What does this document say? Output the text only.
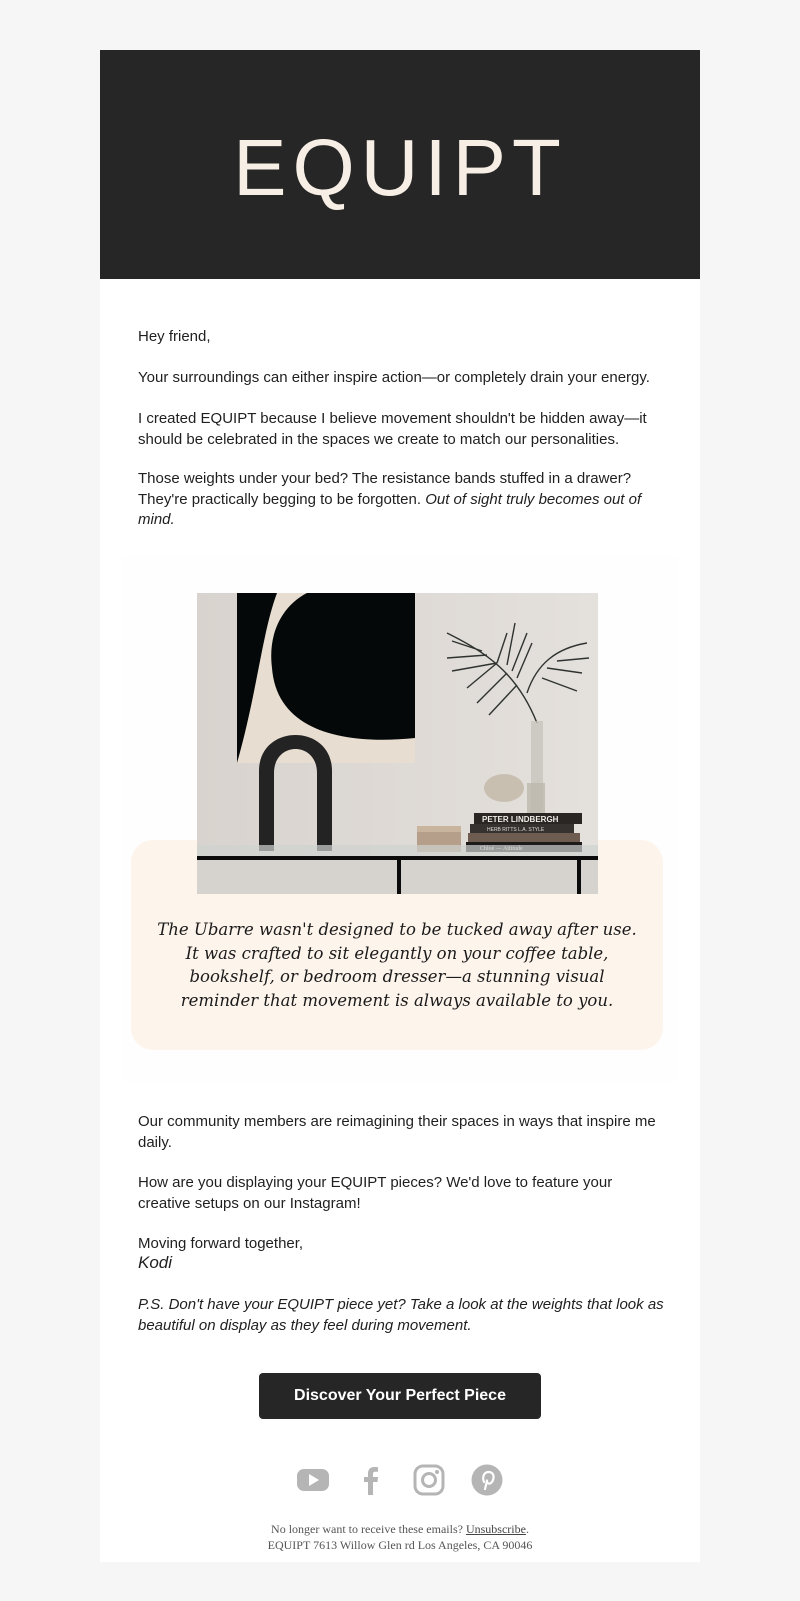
EQUIPT
Hey friend,
Your surroundings can either inspire action—or completely drain your energy.
I created EQUIPT because I believe movement shouldn't be hidden away—it should be celebrated in the spaces we create to match our personalities.
Those weights under your bed? The resistance bands stuffed in a drawer? They're practically begging to be forgotten. Out of sight truly becomes out of mind.
PETER LINDBERGH
HERB RITTS L.A. STYLE
The Ubarre wasn't designed to be tucked away after use. It was crafted to sit elegantly on your coffee table, bookshelf, or bedroom dresser—a stunning visual reminder that movement is always available to you.
Our community members are reimagining their spaces in ways that inspire me daily.
How are you displaying your EQUIPT pieces? We'd love to feature your creative setups on our Instagram!
Moving forward together,
Kodi
P.S. Don't have your EQUIPT piece yet? Take a look at the weights that look as beautiful on display as they feel during movement.
Discover Your Perfect Piece
No longer want to receive these emails? Unsubscribe.
EQUIPT 7613 Willow Glen rd Los Angeles, CA 90046
